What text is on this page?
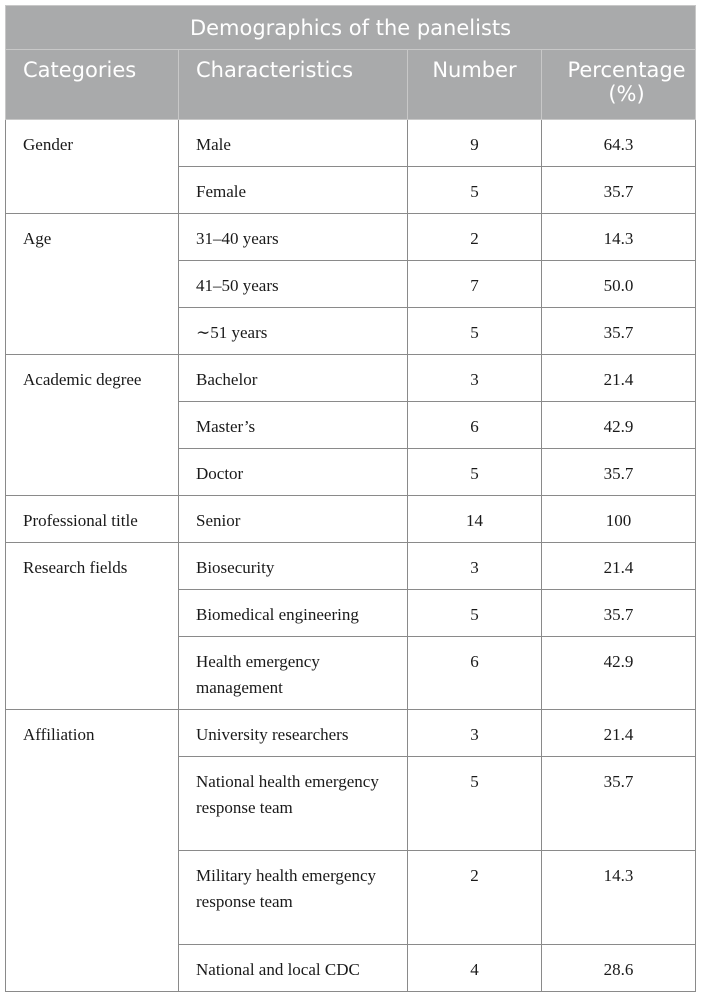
Demographics of the panelists			
Categories	Characteristics	Number	Percentage (%)
Gender	Male	9	64.3
	Female	5	35.7
Age	31–40 years	2	14.3
	41–50 years	7	50.0
	∼51 years	5	35.7
Academic degree	Bachelor	3	21.4
	Master’s	6	42.9
	Doctor	5	35.7
Professional title	Senior	14	100
Research fields	Biosecurity	3	21.4
	Biomedical engineering	5	35.7
	Health emergency management	6	42.9
Affiliation	University researchers	3	21.4
	National health emergency response team	5	35.7
	Military health emergency response team	2	14.3
	National and local CDC	4	28.6
